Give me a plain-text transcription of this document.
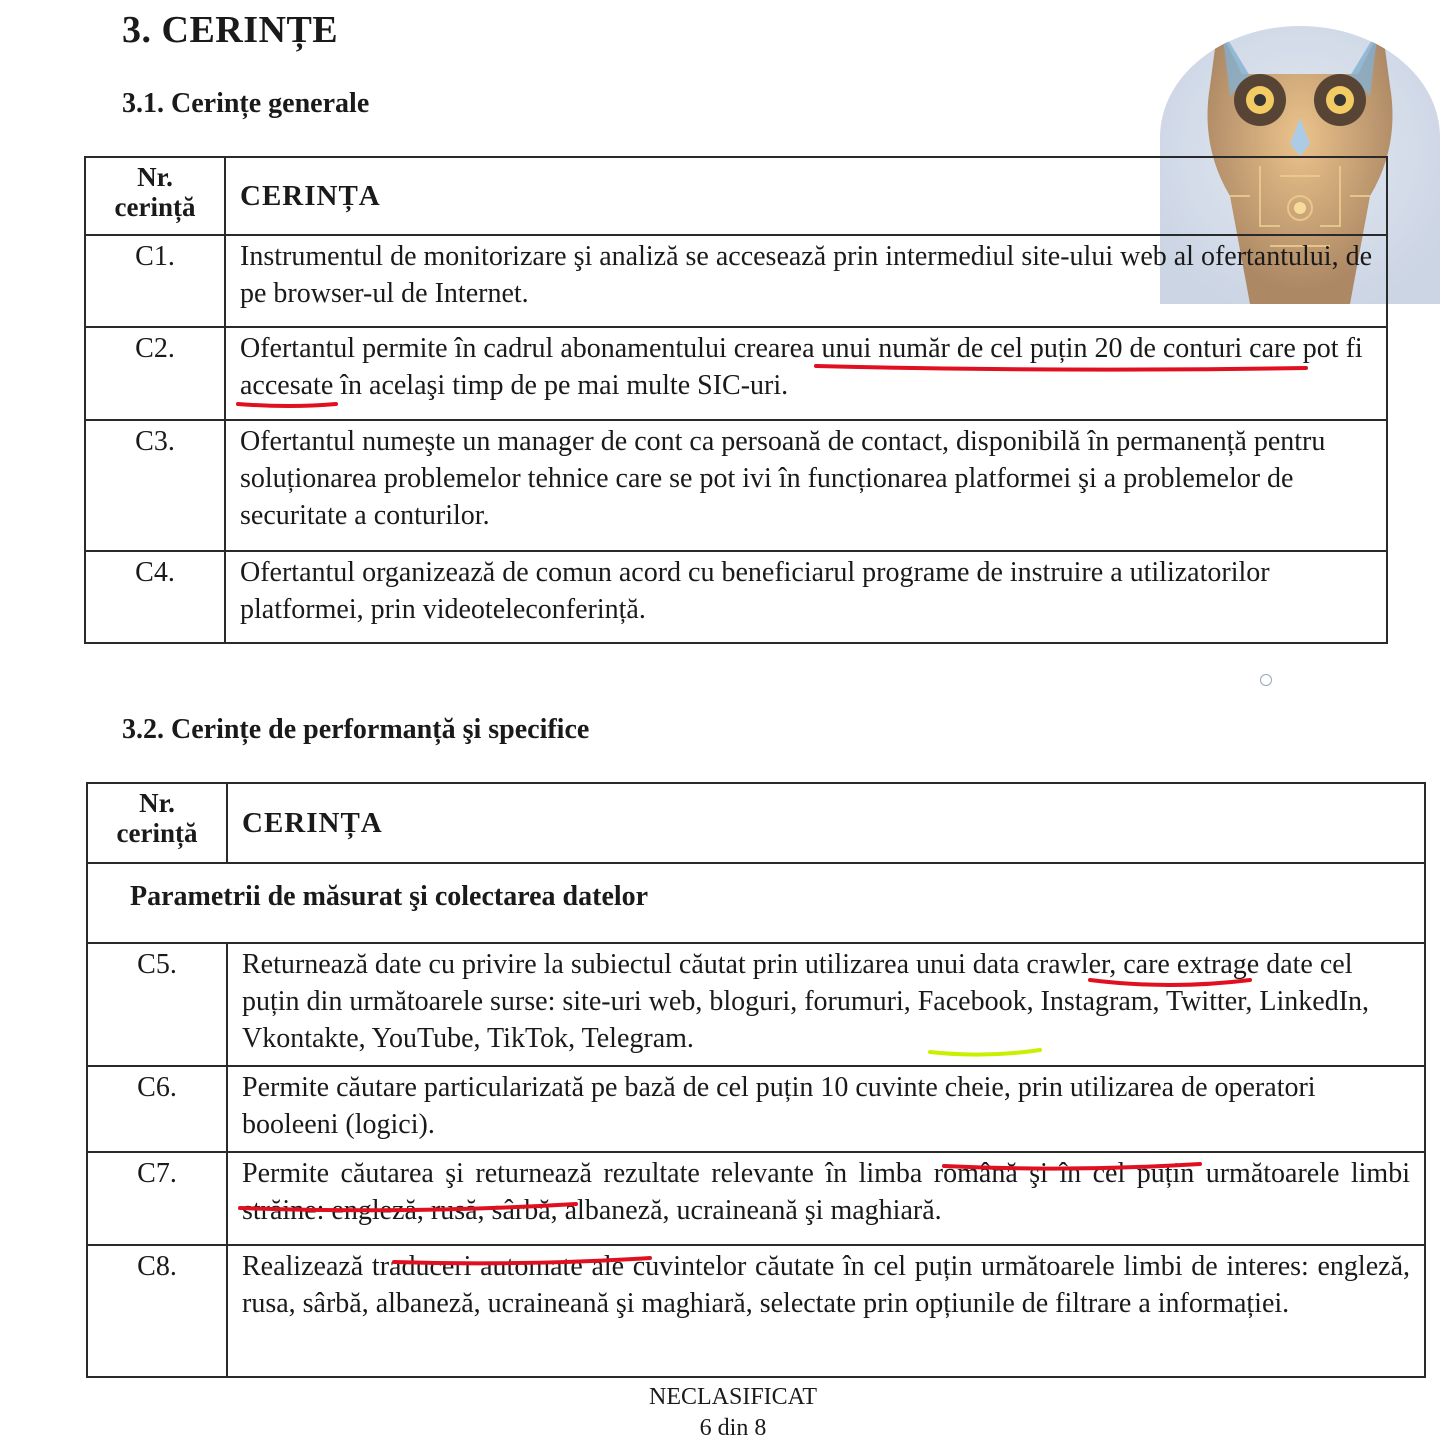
3. CERINȚE
3.1. Cerințe generale
Nr.
cerință	CERINȚA
C1.	Instrumentul de monitorizare şi analiză se accesează prin intermediul site-ului web al ofertantului, de pe browser-ul de Internet.
C2.	Ofertantul permite în cadrul abonamentului crearea unui număr de cel puțin 20 de conturi care pot fi accesate în acelaşi timp de pe mai multe SIC-uri.
C3.	Ofertantul numeşte un manager de cont ca persoană de contact, disponibilă în permanență pentru soluționarea problemelor tehnice care se pot ivi în funcționarea platformei şi a problemelor de securitate a conturilor.
C4.	Ofertantul organizează de comun acord cu beneficiarul programe de instruire a utilizatorilor platformei, prin videoteleconferință.
3.2. Cerințe de performanță şi specifice
Nr.
cerință	CERINȚA
Parametrii de măsurat şi colectarea datelor	
C5.	Returnează date cu privire la subiectul căutat prin utilizarea unui data crawler, care extrage date cel puțin din următoarele surse: site-uri web, bloguri, forumuri, Facebook, Instagram, Twitter, LinkedIn, Vkontakte, YouTube, TikTok, Telegram.
C6.	Permite căutare particularizată pe bază de cel puțin 10 cuvinte cheie, prin utilizarea de operatori booleeni (logici).
C7.	Permite căutarea şi returnează rezultate relevante în limba română şi în cel puțin următoarele limbi străine: engleză, rusă, sârbă, albaneză, ucraineană şi maghiară.
C8.	Realizează traduceri automate ale cuvintelor căutate în cel puțin următoarele limbi de interes: engleză, rusa, sârbă, albaneză, ucraineană şi maghiară, selectate prin opțiunile de filtrare a informației.
NECLASIFICAT
6 din 8
